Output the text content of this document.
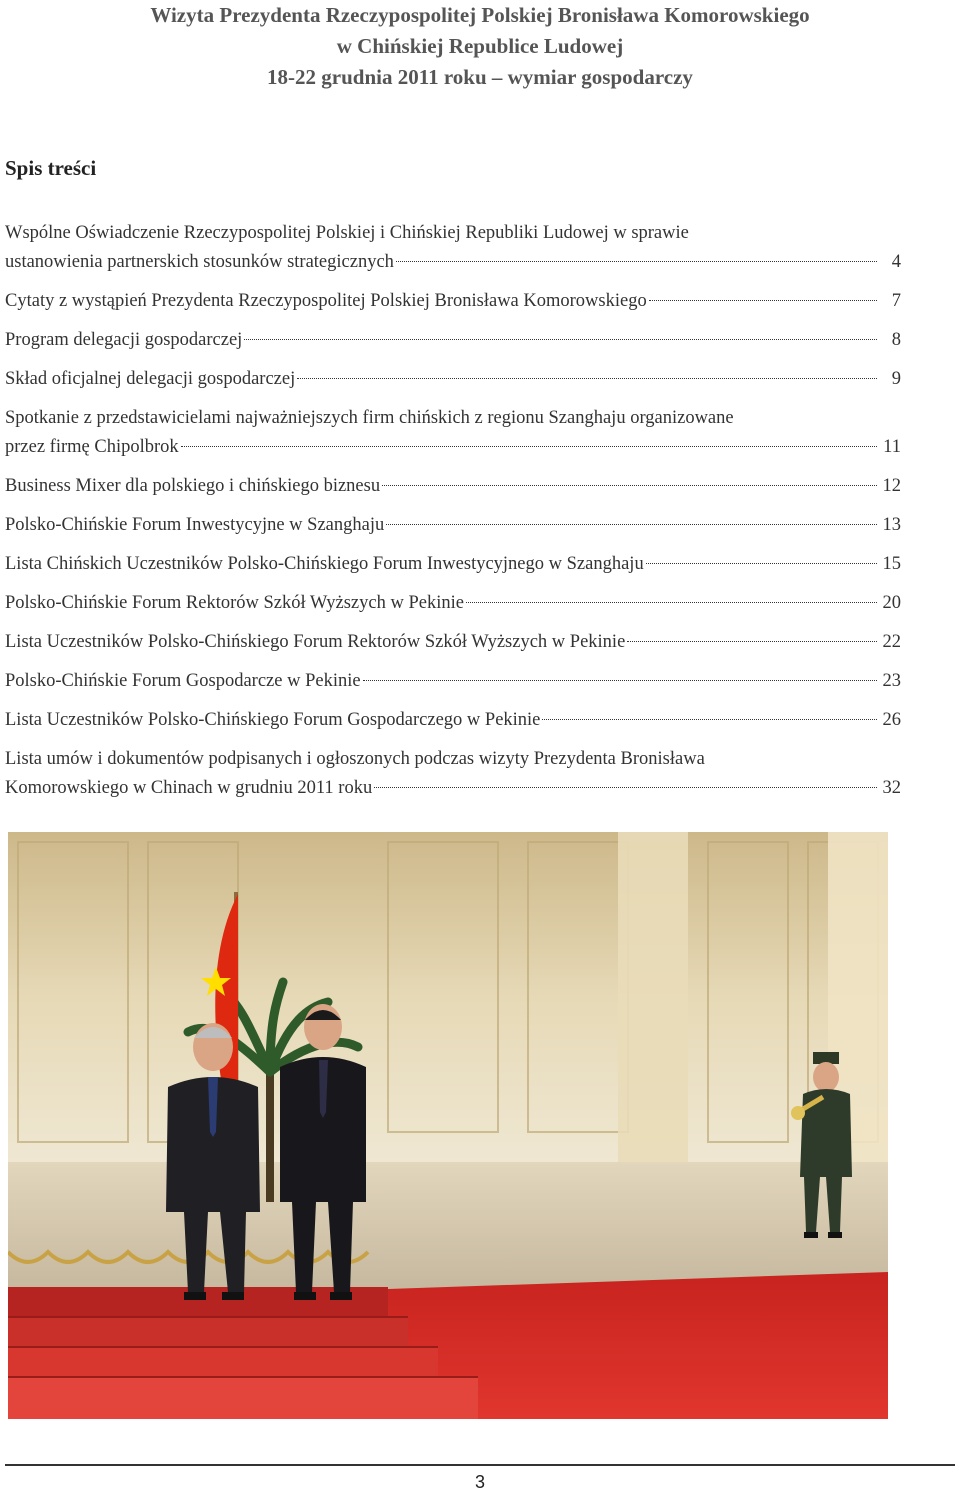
Wizyta Prezydenta Rzeczypospolitej Polskiej Bronisława Komorowskiego
w Chińskiej Republice Ludowej
18-22 grudnia 2011 roku – wymiar gospodarczy
Spis treści
Wspólne Oświadczenie Rzeczypospolitej Polskiej i Chińskiej Republiki Ludowej w sprawie
ustanowienia partnerskich stosunków strategicznych	4
Cytaty z wystąpień Prezydenta Rzeczypospolitej Polskiej Bronisława Komorowskiego	7
Program delegacji gospodarczej	8
Skład oficjalnej delegacji gospodarczej	9
Spotkanie z przedstawicielami najważniejszych firm chińskich z regionu Szanghaju organizowane
przez firmę Chipolbrok	11
Business Mixer dla polskiego i chińskiego biznesu	12
Polsko-Chińskie Forum Inwestycyjne w Szanghaju	13
Lista Chińskich Uczestników Polsko-Chińskiego Forum Inwestycyjnego w Szanghaju	15
Polsko-Chińskie Forum Rektorów Szkół Wyższych w Pekinie	20
Lista Uczestników Polsko-Chińskiego Forum Rektorów Szkół Wyższych w Pekinie	22
Polsko-Chińskie Forum Gospodarcze w Pekinie	23
Lista Uczestników Polsko-Chińskiego Forum Gospodarczego w Pekinie	26
Lista umów i dokumentów podpisanych i ogłoszonych podczas wizyty Prezydenta Bronisława
Komorowskiego w Chinach w grudniu 2011 roku	32
3
